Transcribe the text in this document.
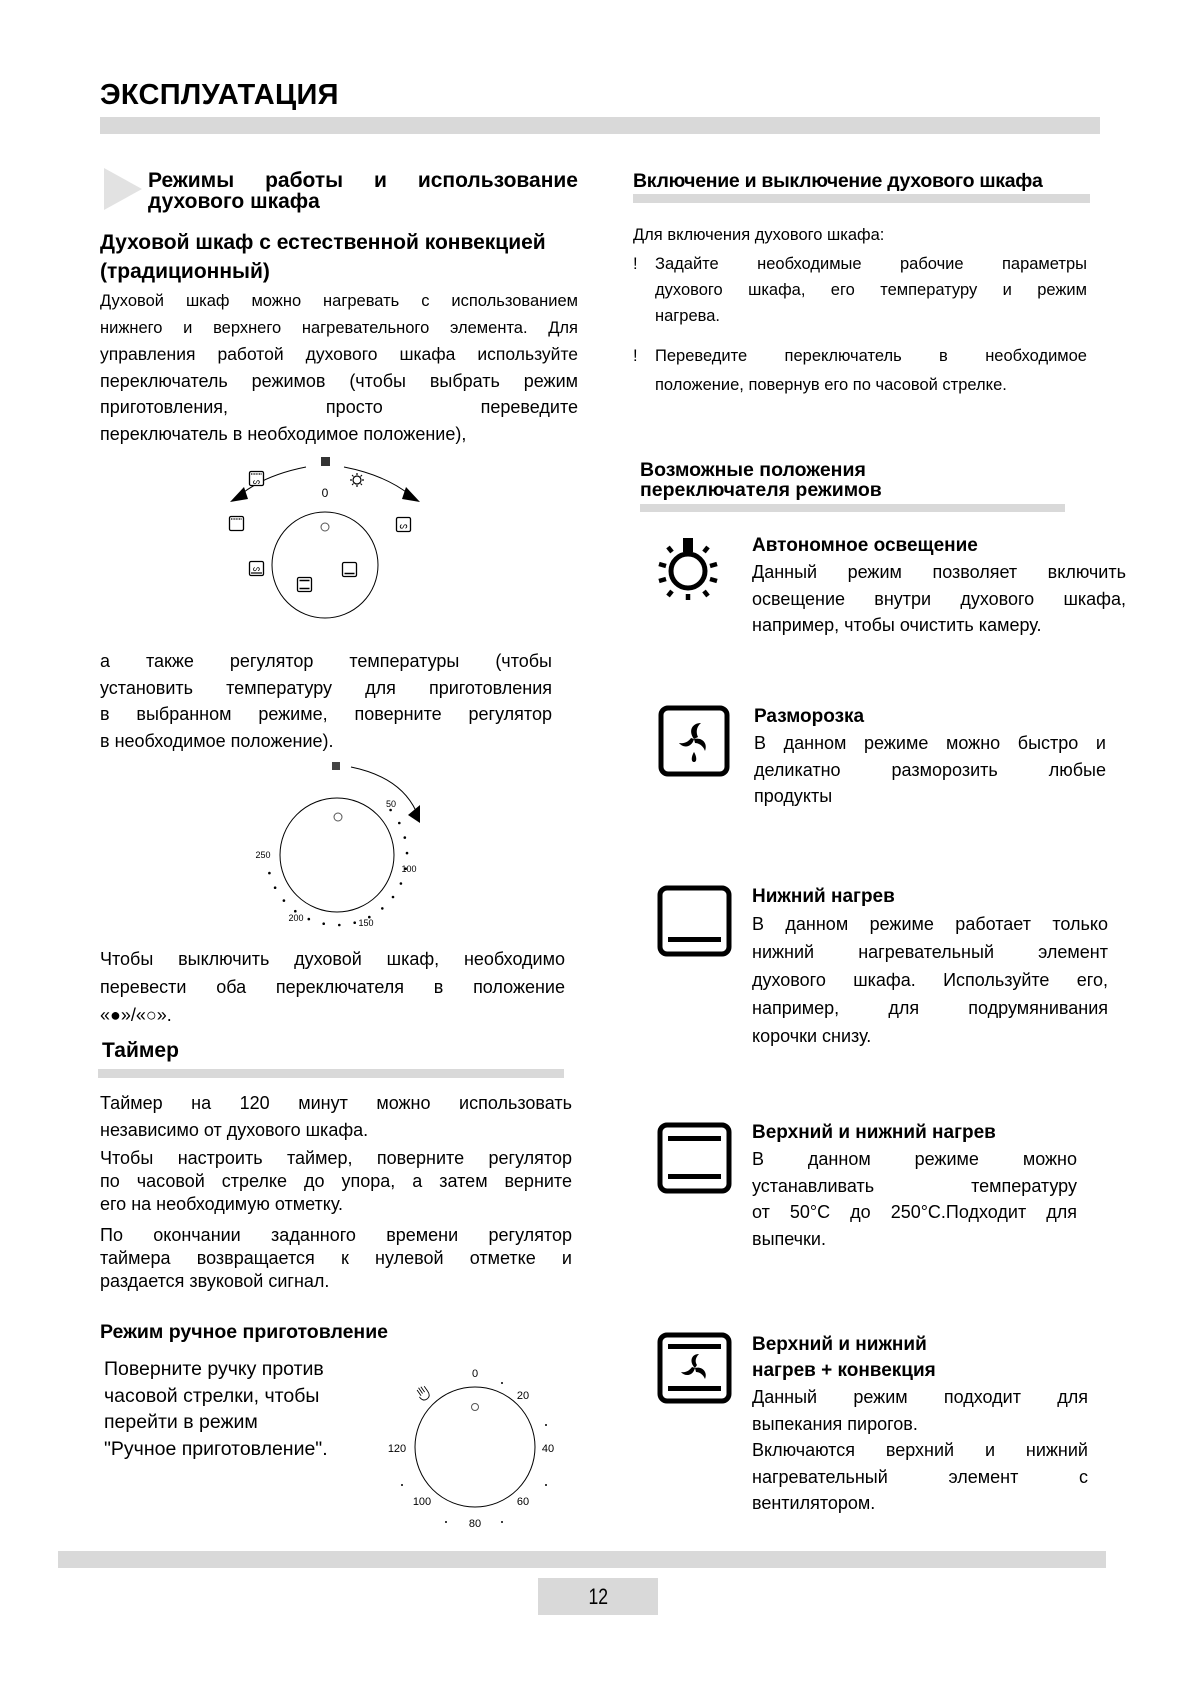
ЭКСПЛУАТАЦИЯ
Режимы работы и использование
духового шкафа
Духовой шкаф с естественной конвекцией
(традиционный)
Духовой шкаф можно нагревать с использованием
нижнего и верхнего нагревательного элемента. Для
управления работой духового шкафа используйте
переключатель режимов (чтобы выбрать режим
приготовления, просто переведите
переключатель в необходимое положение),
0
ᔕ
ᔕ
ᔕ
а также регулятор температуры (чтобы
установить температуру для приготовления
в выбранном режиме, поверните регулятор
в необходимое положение).
50
100
150
200
250
Чтобы выключить духовой шкаф, необходимо
перевести оба переключателя в положение
«●»/«○».
Таймер
Таймер на 120 минут можно использовать
независимо от духового шкафа.
Чтобы настроить таймер, поверните регулятор
по часовой стрелке до упора, а затем верните
его на необходимую отметку.
По окончании заданного времени регулятор
таймера возвращается к нулевой отметке и
раздается звуковой сигнал.
Режим ручное приготовление
Поверните ручку против
часовой стрелки, чтобы
перейти в режим
"Ручное приготовление".
0
20
40
60
80
100
120
Включение и выключение духового шкафа
Для включения духового шкафа:
!	Задайте необходимые рабочие параметры
духового шкафа, его температуру и режим
нагрева.
!	Переведите переключатель в необходимое
положение, повернув его по часовой стрелке.
Возможные положения
переключателя режимов
Автономное освещение
Данный режим позволяет включить
освещение внутри духового шкафа,
например, чтобы очистить камеру.
Разморозка
В данном режиме можно быстро и
деликатно разморозить любые
продукты
Нижний нагрев
В данном режиме работает только
нижний нагревательный элемент
духового шкафа. Используйте его,
например, для подрумянивания
корочки снизу.
Верхний и нижний нагрев
В данном режиме можно
устанавливать температуру
от 50°C до 250°C.Подходит для
выпечки.
Верхний и нижний
нагрев + конвекция
Данный режим подходит для
выпекания пирогов.
Включаются верхний и нижний
нагревательный элемент с
вентилятором.
12
